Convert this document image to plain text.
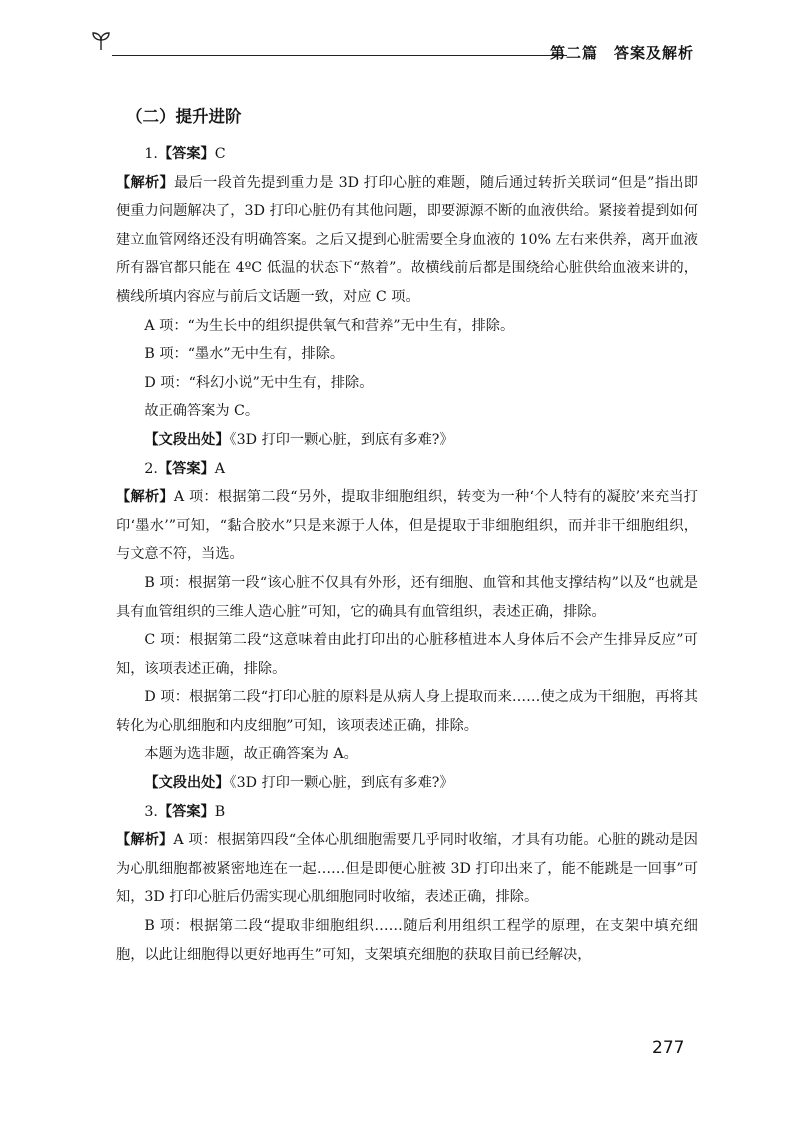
第二篇　答案及解析
（二）提升进阶

1.【答案】C

【解析】最后一段首先提到重力是 3D 打印心脏的难题，随后通过转折关联词“但是”指出即便重力问题解决了，3D 打印心脏仍有其他问题，即要源源不断的血液供给。紧接着提到如何建立血管网络还没有明确答案。之后又提到心脏需要全身血液的 10% 左右来供养，离开血液所有器官都只能在 4ºC 低温的状态下“熬着”。故横线前后都是围绕给心脏供给血液来讲的，横线所填内容应与前后文话题一致，对应 C 项。

A 项：“为生长中的组织提供氧气和营养”无中生有，排除。

B 项：“墨水”无中生有，排除。

D 项：“科幻小说”无中生有，排除。

故正确答案为 C。

【文段出处】《3D 打印一颗心脏，到底有多难?》

2.【答案】A

【解析】A 项：根据第二段“另外，提取非细胞组织，转变为一种‘个人特有的凝胶’来充当打印‘墨水’”可知，“黏合胶水”只是来源于人体，但是提取于非细胞组织，而并非干细胞组织，与文意不符，当选。

B 项：根据第一段“该心脏不仅具有外形，还有细胞、血管和其他支撑结构”以及“也就是具有血管组织的三维人造心脏”可知，它的确具有血管组织，表述正确，排除。

C 项：根据第二段“这意味着由此打印出的心脏移植进本人身体后不会产生排异反应”可知，该项表述正确，排除。

D 项：根据第二段“打印心脏的原料是从病人身上提取而来……使之成为干细胞，再将其转化为心肌细胞和内皮细胞”可知，该项表述正确，排除。

本题为选非题，故正确答案为 A。

【文段出处】《3D 打印一颗心脏，到底有多难?》

3.【答案】B

【解析】A 项：根据第四段“全体心肌细胞需要几乎同时收缩，才具有功能。心脏的跳动是因为心肌细胞都被紧密地连在一起……但是即便心脏被 3D 打印出来了，能不能跳是一回事”可知，3D 打印心脏后仍需实现心肌细胞同时收缩，表述正确，排除。

B 项：根据第二段“提取非细胞组织……随后利用组织工程学的原理，在支架中填充细胞，以此让细胞得以更好地再生”可知，支架填充细胞的获取目前已经解决，

277
